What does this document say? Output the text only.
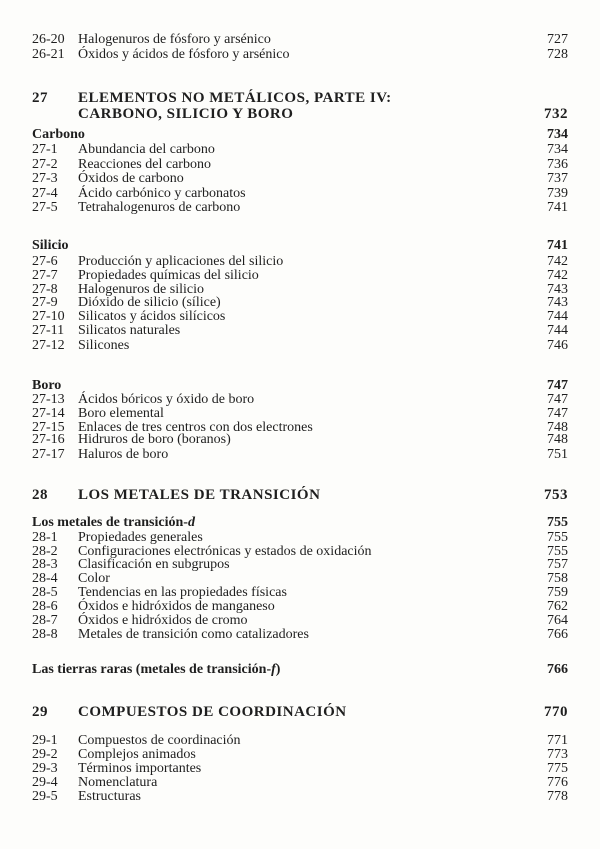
26-20 Halogenuros de fósforo y arsénico	727
26-21 Óxidos y ácidos de fósforo y arsénico	728
27 ELEMENTOS NO METÁLICOS, PARTE IV:
CARBONO, SILICIO Y BORO	732
Carbono	734
27-1 Abundancia del carbono	734
27-2 Reacciones del carbono	736
27-3 Óxidos de carbono	737
27-4 Ácido carbónico y carbonatos	739
27-5 Tetrahalogenuros de carbono	741
Silicio	741
27-6 Producción y aplicaciones del silicio	742
27-7 Propiedades químicas del silicio	742
27-8 Halogenuros de silicio	743
27-9 Dióxido de silicio (sílice)	743
27-10 Silicatos y ácidos silícicos	744
27-11 Silicatos naturales	744
27-12 Silicones	746
Boro	747
27-13 Ácidos bóricos y óxido de boro	747
27-14 Boro elemental	747
27-15 Enlaces de tres centros con dos electrones	748
27-16 Hidruros de boro (boranos)	748
27-17 Haluros de boro	751
28 LOS METALES DE TRANSICIÓN	753
Los metales de transición-d	755
28-1 Propiedades generales	755
28-2 Configuraciones electrónicas y estados de oxidación	755
28-3 Clasificación en subgrupos	757
28-4 Color	758
28-5 Tendencias en las propiedades físicas	759
28-6 Óxidos e hidróxidos de manganeso	762
28-7 Óxidos e hidróxidos de cromo	764
28-8 Metales de transición como catalizadores	766
Las tierras raras (metales de transición-f)	766
29 COMPUESTOS DE COORDINACIÓN	770
29-1 Compuestos de coordinación	771
29-2 Complejos animados	773
29-3 Términos importantes	775
29-4 Nomenclatura	776
29-5 Estructuras	778
